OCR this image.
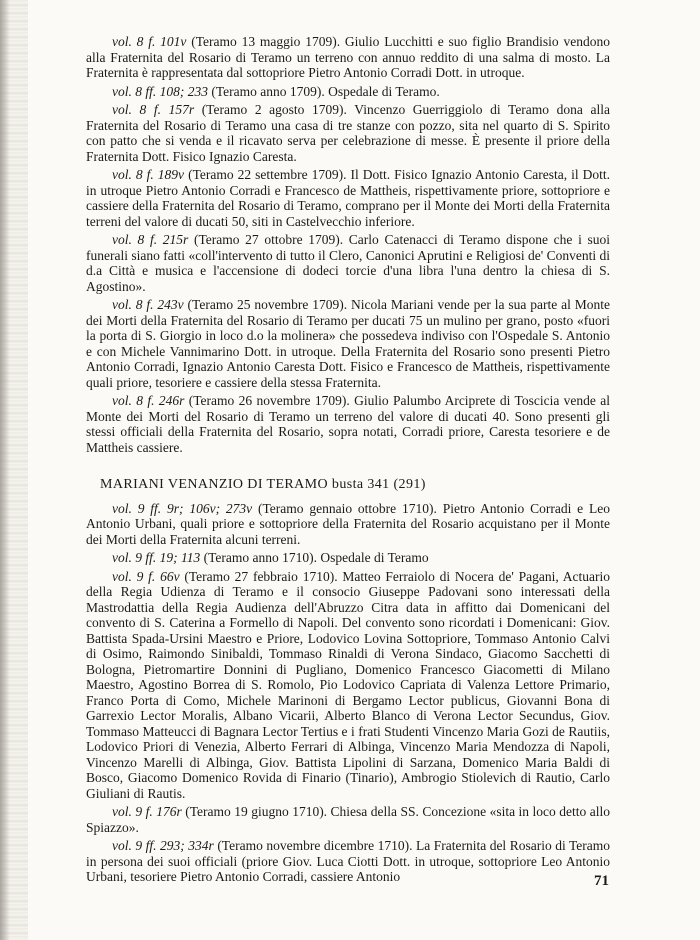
vol. 8 f. 101v (Teramo 13 maggio 1709). Giulio Lucchitti e suo figlio Brandisio vendono alla Fraternita del Rosario di Teramo un terreno con annuo reddito di una salma di mosto. La Fraternita è rappresentata dal sottopriore Pietro Antonio Corradi Dott. in utroque.

vol. 8 ff. 108; 233 (Teramo anno 1709). Ospedale di Teramo.

vol. 8 f. 157r (Teramo 2 agosto 1709). Vincenzo Guerriggiolo di Teramo dona alla Fraternita del Rosario di Teramo una casa di tre stanze con pozzo, sita nel quarto di S. Spirito con patto che si venda e il ricavato serva per celebrazione di messe. È presente il priore della Fraternita Dott. Fisico Ignazio Caresta.

vol. 8 f. 189v (Teramo 22 settembre 1709). Il Dott. Fisico Ignazio Antonio Caresta, il Dott. in utroque Pietro Antonio Corradi e Francesco de Mattheis, rispettivamente priore, sottopriore e cassiere della Fraternita del Rosario di Teramo, comprano per il Monte dei Morti della Fraternita terreni del valore di ducati 50, siti in Castelvecchio inferiore.

vol. 8 f. 215r (Teramo 27 ottobre 1709). Carlo Catenacci di Teramo dispone che i suoi funerali siano fatti «coll'intervento di tutto il Clero, Canonici Aprutini e Religiosi de' Conventi di d.a Città e musica e l'accensione di dodeci torcie d'una libra l'una dentro la chiesa di S. Agostino».

vol. 8 f. 243v (Teramo 25 novembre 1709). Nicola Mariani vende per la sua parte al Monte dei Morti della Fraternita del Rosario di Teramo per ducati 75 un mulino per grano, posto «fuori la porta di S. Giorgio in loco d.o la molinera» che possedeva indiviso con l'Ospedale S. Antonio e con Michele Vannimarino Dott. in utroque. Della Fraternita del Rosario sono presenti Pietro Antonio Corradi, Ignazio Antonio Caresta Dott. Fisico e Francesco de Mattheis, rispettivamente quali priore, tesoriere e cassiere della stessa Fraternita.

vol. 8 f. 246r (Teramo 26 novembre 1709). Giulio Palumbo Arciprete di Toscicia vende al Monte dei Morti del Rosario di Teramo un terreno del valore di ducati 40. Sono presenti gli stessi officiali della Fraternita del Rosario, sopra notati, Corradi priore, Caresta tesoriere e de Mattheis cassiere.

MARIANI VENANZIO DI TERAMO busta 341 (291)

vol. 9 ff. 9r; 106v; 273v (Teramo gennaio ottobre 1710). Pietro Antonio Corradi e Leo Antonio Urbani, quali priore e sottopriore della Fraternita del Rosario acquistano per il Monte dei Morti della Fraternita alcuni terreni.

vol. 9 ff. 19; 113 (Teramo anno 1710). Ospedale di Teramo

vol. 9 f. 66v (Teramo 27 febbraio 1710). Matteo Ferraiolo di Nocera de' Pagani, Actuario della Regia Udienza di Teramo e il consocio Giuseppe Padovani sono interessati della Mastrodattia della Regia Audienza dell'Abruzzo Citra data in affitto dai Domenicani del convento di S. Caterina a Formello di Napoli. Del convento sono ricordati i Domenicani: Giov. Battista Spada-Ursini Maestro e Priore, Lodovico Lovina Sottopriore, Tommaso Antonio Calvi di Osimo, Raimondo Sinibaldi, Tommaso Rinaldi di Verona Sindaco, Giacomo Sacchetti di Bologna, Pietromartire Donnini di Pugliano, Domenico Francesco Giacometti di Milano Maestro, Agostino Borrea di S. Romolo, Pio Lodovico Capriata di Valenza Lettore Primario, Franco Porta di Como, Michele Marinoni di Bergamo Lector publicus, Giovanni Bona di Garrexio Lector Moralis, Albano Vicarii, Alberto Blanco di Verona Lector Secundus, Giov. Tommaso Matteucci di Bagnara Lector Tertius e i frati Studenti Vincenzo Maria Gozi de Rautiis, Lodovico Priori di Venezia, Alberto Ferrari di Albinga, Vincenzo Maria Mendozza di Napoli, Vincenzo Marelli di Albinga, Giov. Battista Lipolini di Sarzana, Domenico Maria Baldi di Bosco, Giacomo Domenico Rovida di Finario (Tinario), Ambrogio Stiolevich di Rautio, Carlo Giuliani di Rautis.

vol. 9 f. 176r (Teramo 19 giugno 1710). Chiesa della SS. Concezione «sita in loco detto allo Spiazzo».

vol. 9 ff. 293; 334r (Teramo novembre dicembre 1710). La Fraternita del Rosario di Teramo in persona dei suoi officiali (priore Giov. Luca Ciotti Dott. in utroque, sottopriore Leo Antonio Urbani, tesoriere Pietro Antonio Corradi, cassiere Antonio	71
